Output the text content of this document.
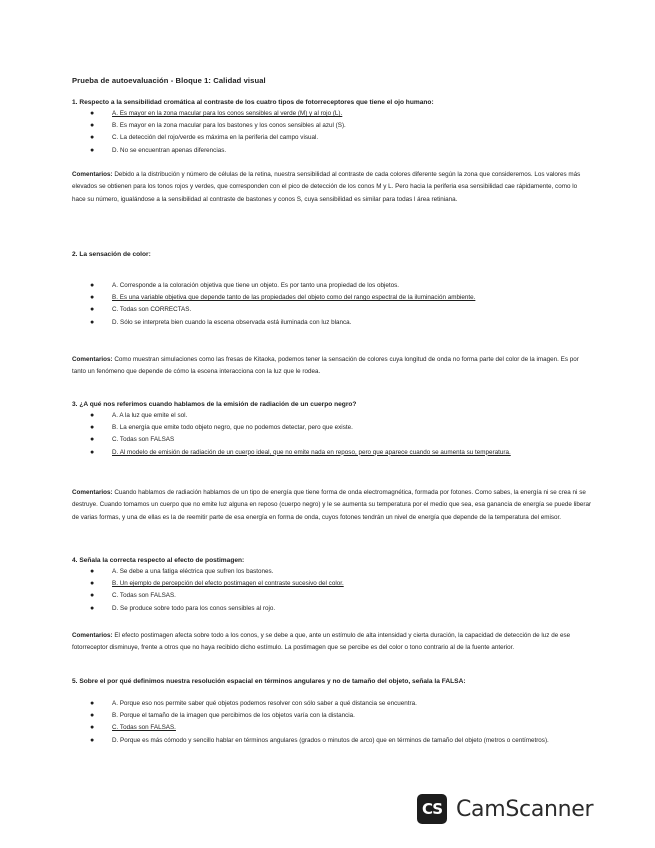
Prueba de autoevaluación - Bloque 1: Calidad visual
1. Respecto a la sensibilidad cromática al contraste de los cuatro tipos de fotorreceptores que tiene el ojo humano:
●	A. Es mayor en la zona macular para los conos sensibles al verde (M) y al rojo (L).
●	B. Es mayor en la zona macular para los bastones y los conos sensibles al azul (S).
●	C. La detección del rojo/verde es máxima en la periferia del campo visual.
●	D. No se encuentran apenas diferencias.
Comentarios: Debido a la distribución y número de células de la retina, nuestra sensibilidad al contraste de cada colores diferente según la zona que consideremos. Los valores más elevados se obtienen para los tonos rojos y verdes, que corresponden con el pico de detección de los conos M y L. Pero hacia la periferia esa sensibilidad cae rápidamente, como lo hace su número, igualándose a la sensibilidad al contraste de bastones y conos S, cuya sensibilidad es similar para todas l área retiniana.
2. La sensación de color:
●	A. Corresponde a la coloración objetiva que tiene un objeto. Es por tanto una propiedad de los objetos.
●	B. Es una variable objetiva que depende tanto de las propiedades del objeto como del rango espectral de la iluminación ambiente.
●	C. Todas son CORRECTAS.
●	D. Sólo se interpreta bien cuando la escena observada está iluminada con luz blanca.
Comentarios: Como muestran simulaciones como las fresas de Kitaoka, podemos tener la sensación de colores cuya longitud de onda no forma parte del color de la imagen. Es por tanto un fenómeno que depende de cómo la escena interacciona con la luz que le rodea.
3. ¿A qué nos referimos cuando hablamos de la emisión de radiación de un cuerpo negro?
●	A. A la luz que emite el sol.
●	B. La energía que emite todo objeto negro, que no podemos detectar, pero que existe.
●	C. Todas son FALSAS
●	D. Al modelo de emisión de radiación de un cuerpo ideal, que no emite nada en reposo, pero que aparece cuando se aumenta su temperatura.
Comentarios: Cuando hablamos de radiación hablamos de un tipo de energía que tiene forma de onda electromagnética, formada por fotones. Como sabes, la energía ni se crea ni se destruye. Cuando tomamos un cuerpo que no emite luz alguna en reposo (cuerpo negro) y le se aumenta su temperatura por el medio que sea, esa ganancia de energía se puede liberar de varias formas, y una de ellas es la de reemitir parte de esa energía en forma de onda, cuyos fotones tendrán un nivel de energía que depende de la temperatura del emisor.
4. Señala la correcta respecto al efecto de postimagen:
●	A. Se debe a una fatiga eléctrica que sufren los bastones.
●	B. Un ejemplo de percepción del efecto postimagen el contraste sucesivo del color.
●	C. Todas son FALSAS.
●	D. Se produce sobre todo para los conos sensibles al rojo.
Comentarios: El efecto postimagen afecta sobre todo a los conos, y se debe a que, ante un estímulo de alta intensidad y cierta duración, la capacidad de detección de luz de ese fotorreceptor disminuye, frente a otros que no haya recibido dicho estímulo. La postimagen que se percibe es del color o tono contrario al de la fuente anterior.
5. Sobre el por qué definimos nuestra resolución espacial en términos angulares y no de tamaño del objeto, señala la FALSA:
●	A. Porque eso nos permite saber qué objetos podemos resolver con sólo saber a qué distancia se encuentra.
●	B. Porque el tamaño de la imagen que percibimos de los objetos varía con la distancia.
●	C. Todas son FALSAS.
●	D. Porque es más cómodo y sencillo hablar en términos angulares (grados o minutos de arco) que en términos de tamaño del objeto (metros o centímetros).
CS CamScanner
